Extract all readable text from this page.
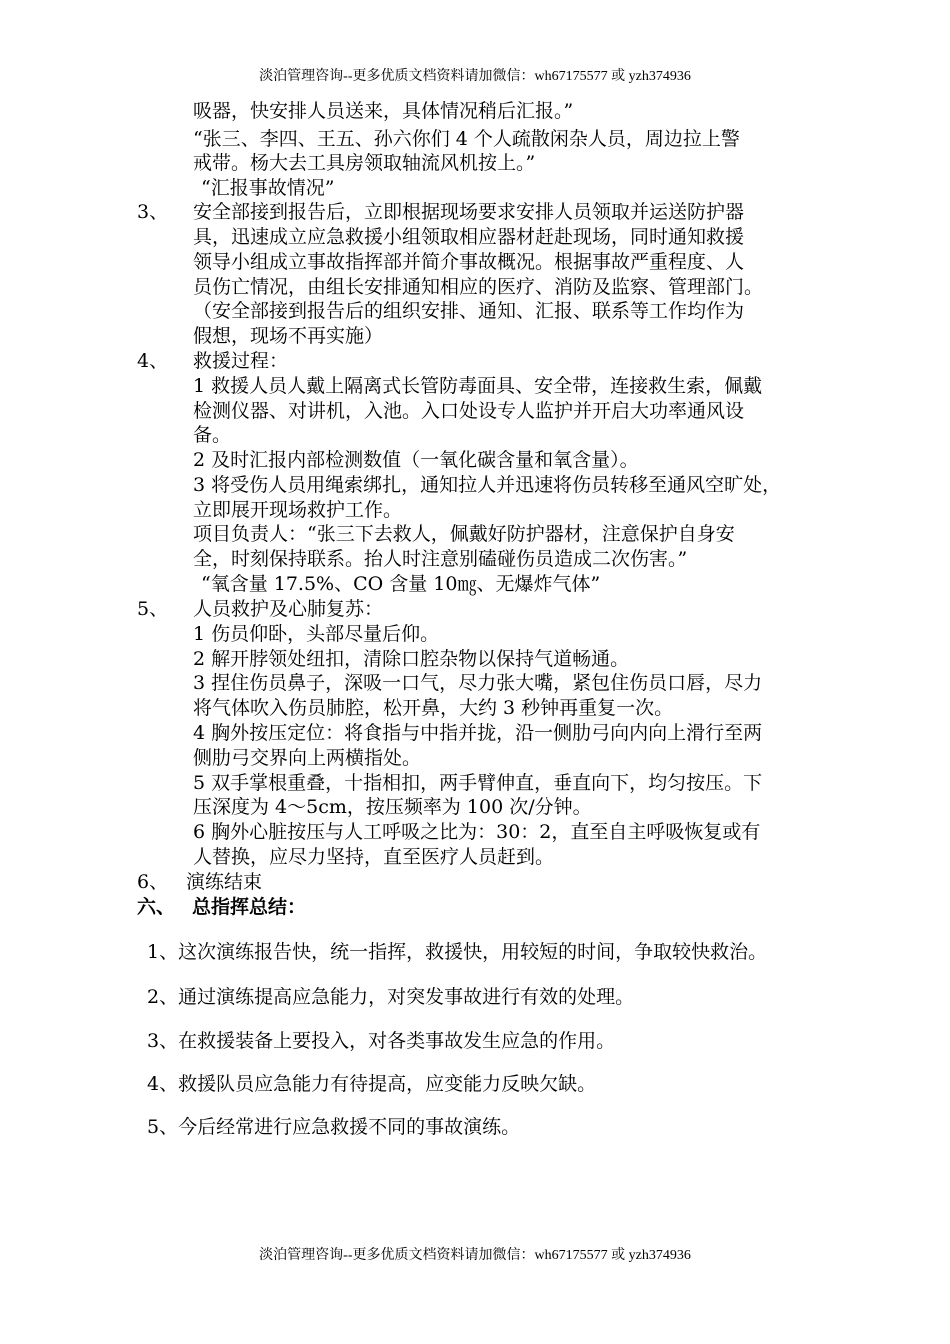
淡泊管理咨询--更多优质文档资料请加微信：wh67175577 或 yzh374936
吸器，快安排人员送来，具体情况稍后汇报。”
“张三、李四、王五、孙六你们 4 个人疏散闲杂人员，周边拉上警
戒带。杨大去工具房领取轴流风机按上。”
“汇报事故情况”
3、 安全部接到报告后，立即根据现场要求安排人员领取并运送防护器
具，迅速成立应急救援小组领取相应器材赶赴现场，同时通知救援
领导小组成立事故指挥部并简介事故概况。根据事故严重程度、人
员伤亡情况，由组长安排通知相应的医疗、消防及监察、管理部门。
（安全部接到报告后的组织安排、通知、汇报、联系等工作均作为
假想，现场不再实施）
4、 救援过程：
1 救援人员人戴上隔离式长管防毒面具、安全带，连接救生索，佩戴
检测仪器、对讲机，入池。入口处设专人监护并开启大功率通风设
备。
2 及时汇报内部检测数值（一氧化碳含量和氧含量）。
3 将受伤人员用绳索绑扎，通知拉人并迅速将伤员转移至通风空旷处，
立即展开现场救护工作。
项目负责人：“张三下去救人，佩戴好防护器材，注意保护自身安
全，时刻保持联系。抬人时注意别磕碰伤员造成二次伤害。”
“氧含量 17.5%、CO 含量 10㎎、无爆炸气体”
5、 人员救护及心肺复苏：
1 伤员仰卧，头部尽量后仰。
2 解开脖领处纽扣，清除口腔杂物以保持气道畅通。
3 捏住伤员鼻子，深吸一口气，尽力张大嘴，紧包住伤员口唇，尽力
将气体吹入伤员肺腔，松开鼻，大约 3 秒钟再重复一次。
4 胸外按压定位：将食指与中指并拢，沿一侧肋弓向内向上滑行至两
侧肋弓交界向上两横指处。
5 双手掌根重叠，十指相扣，两手臂伸直，垂直向下，均匀按压。下
压深度为 4～5cm，按压频率为 100 次/分钟。
6 胸外心脏按压与人工呼吸之比为：30：2，直至自主呼吸恢复或有
人替换，应尽力坚持，直至医疗人员赶到。
6、 演练结束
六、 总指挥总结：
1、这次演练报告快，统一指挥，救援快，用较短的时间，争取较快救治。
2、通过演练提高应急能力，对突发事故进行有效的处理。
3、在救援装备上要投入，对各类事故发生应急的作用。
4、救援队员应急能力有待提高，应变能力反映欠缺。
5、今后经常进行应急救援不同的事故演练。
淡泊管理咨询--更多优质文档资料请加微信：wh67175577 或 yzh374936
